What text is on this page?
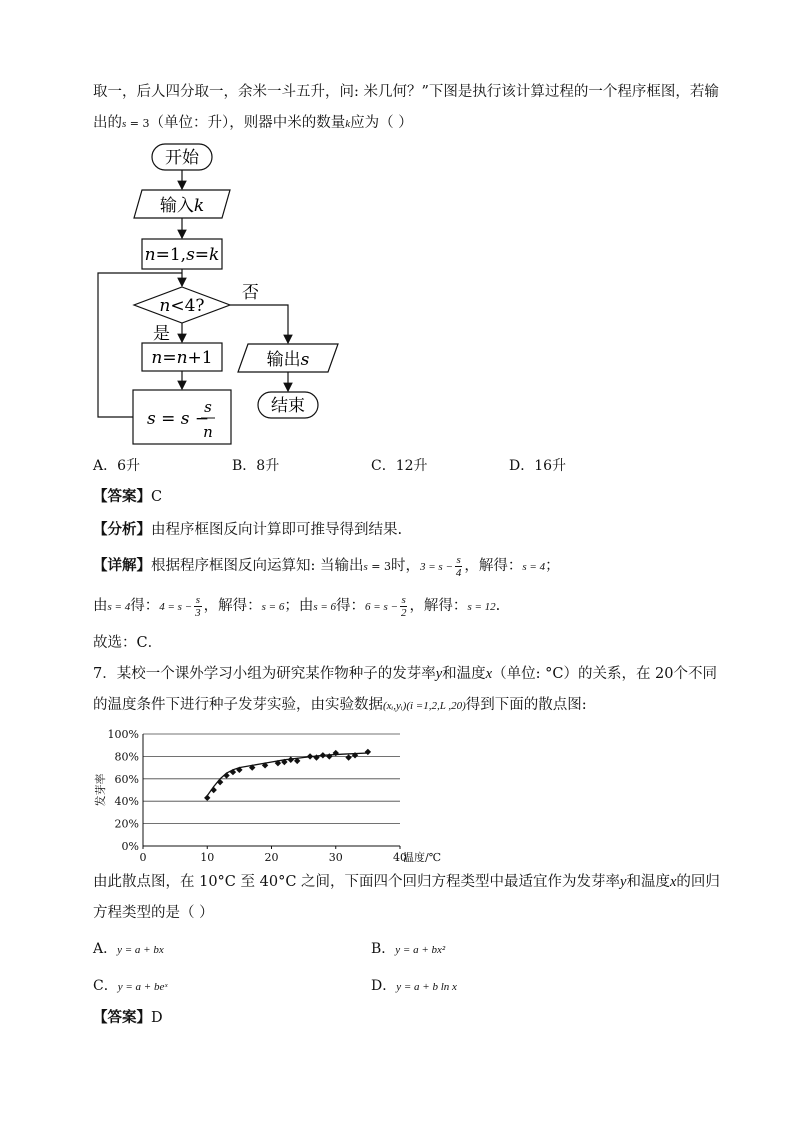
取一，后人四分取一，余米一斗五升，问: 米几何？”下图是执行该计算过程的一个程序框图，若输
出的s = 3（单位：升），则器中米的数量k应为（ ）
开始
输入k
n=1,s=k
n<4?
否
是
n=n+1
s = s −
s
n
输出s
结束
A．6升	B．8升	C．12升	D．16升
【答案】C
【分析】由程序框图反向计算即可推导得到结果.
【详解】根据程序框图反向运算知: 当输出s = 3时，$3 = s - \frac{s}{4}$ ，解得：s = 4；
由s = 4得：$4 = s - \frac{s}{3}$ ，解得：s = 6；由s = 6得：$6 = s - \frac{s}{2}$ ，解得：s = 12.
故选：C．
7．某校一个课外学习小组为研究某作物种子的发芽率y和温度x（单位: °C）的关系，在 20个不同
的温度条件下进行种子发芽实验，由实验数据(xᵢ,yᵢ)(i =1,2,L ,20)得到下面的散点图:
0%
20%
40%
60%
80%
100%
0	10	20	30	40
温度/℃
发芽率
由此散点图，在 10°C 至 40°C 之间，下面四个回归方程类型中最适宜作为发芽率y和温度x的回归
方程类型的是（ ）
A．y = a + bx	B．y = a + bx²
C．y = a + beˣ	D．y = a + b ln x
【答案】D
